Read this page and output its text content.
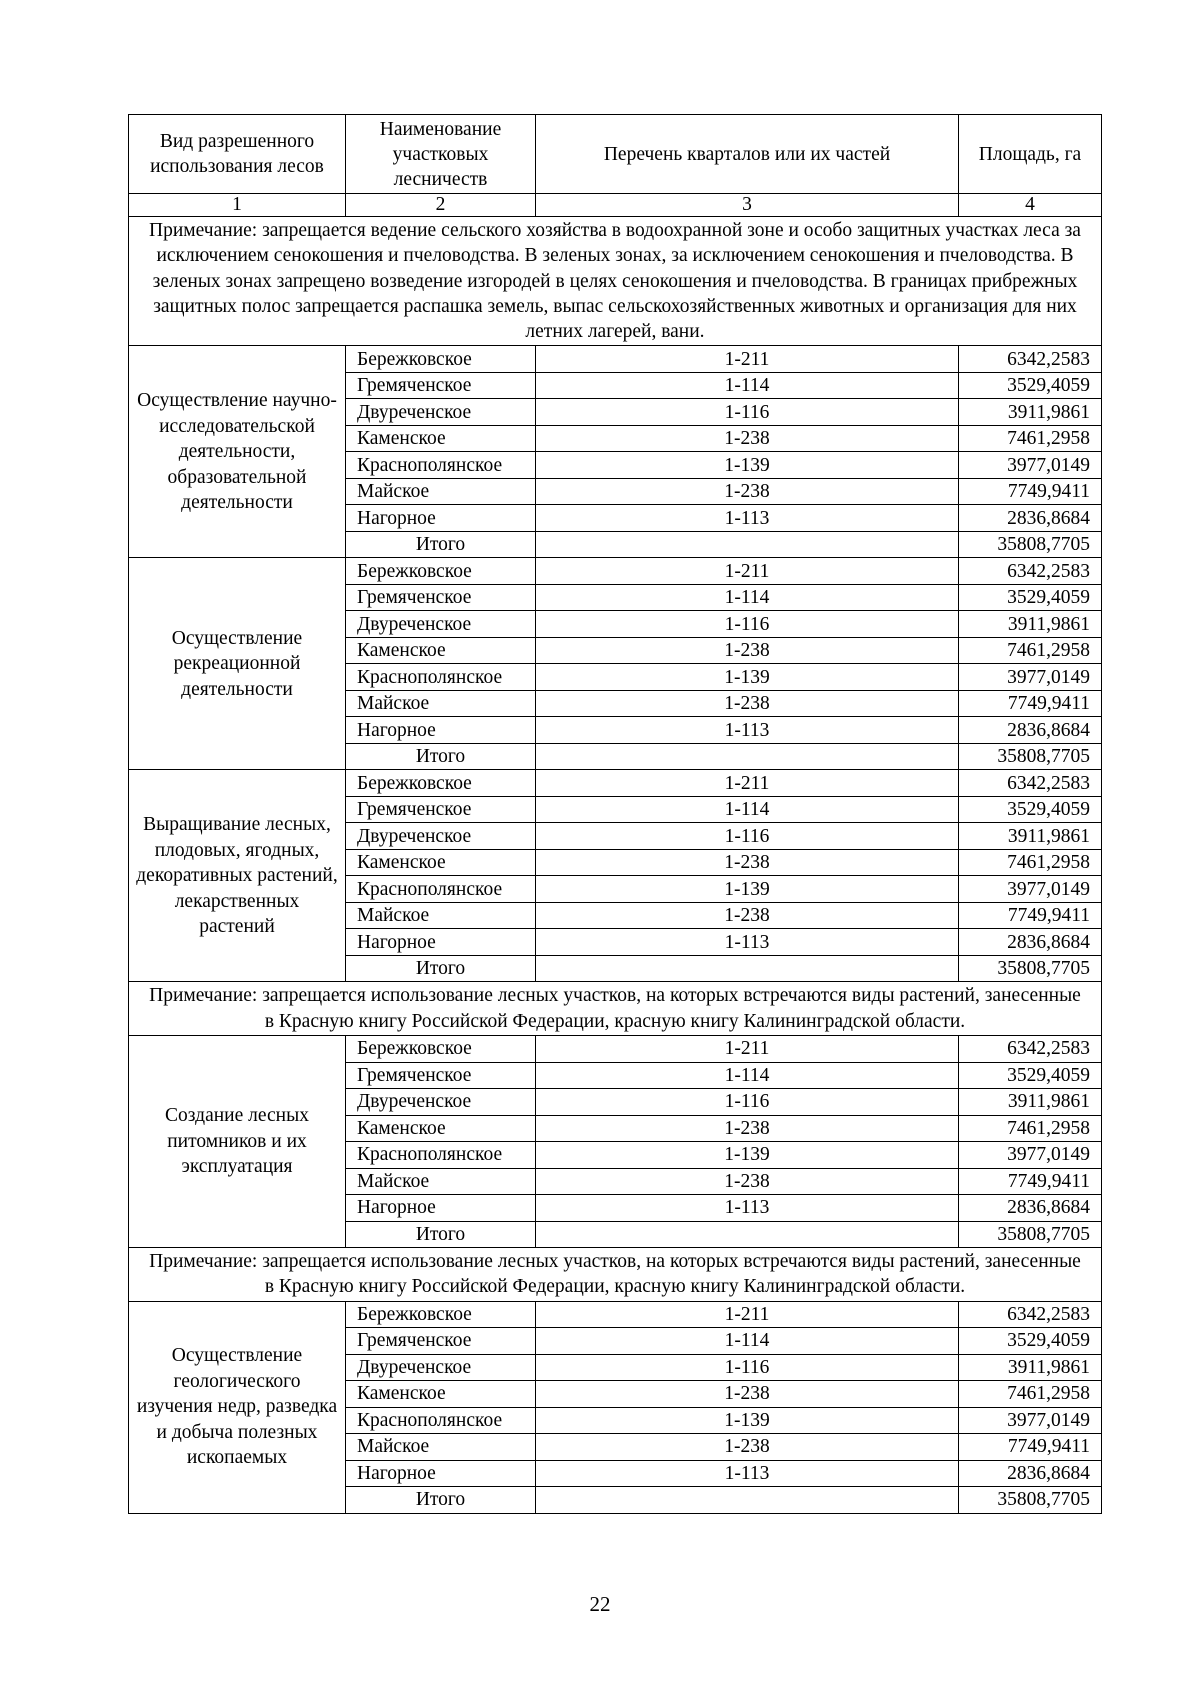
Вид разрешенного использования лесов	Наименование участковых лесничеств	Перечень кварталов или их частей	Площадь, га
1	2	3	4
Примечание: запрещается ведение сельского хозяйства в водоохранной зоне и особо защитных участках леса за исключением сенокошения и пчеловодства. В зеленых зонах, за исключением сенокошения и пчеловодства. В зеленых зонах запрещено возведение изгородей в целях сенокошения и пчеловодства. В границах прибрежных защитных полос запрещается распашка земель, выпас сельскохозяйственных животных и организация для них летних лагерей, вани.			
Осуществление научно-исследовательской деятельности, образовательной деятельности	Бережковское	1-211	6342,2583
	Гремяченское	1-114	3529,4059
	Двуреченское	1-116	3911,9861
	Каменское	1-238	7461,2958
	Краснополянское	1-139	3977,0149
	Майское	1-238	7749,9411
	Нагорное	1-113	2836,8684
	Итого		35808,7705
Осуществление рекреационной деятельности	Бережковское	1-211	6342,2583
	Гремяченское	1-114	3529,4059
	Двуреченское	1-116	3911,9861
	Каменское	1-238	7461,2958
	Краснополянское	1-139	3977,0149
	Майское	1-238	7749,9411
	Нагорное	1-113	2836,8684
	Итого		35808,7705
Выращивание лесных, плодовых, ягодных, декоративных растений, лекарственных растений	Бережковское	1-211	6342,2583
	Гремяченское	1-114	3529,4059
	Двуреченское	1-116	3911,9861
	Каменское	1-238	7461,2958
	Краснополянское	1-139	3977,0149
	Майское	1-238	7749,9411
	Нагорное	1-113	2836,8684
	Итого		35808,7705
Примечание: запрещается использование лесных участков, на которых встречаются виды растений, занесенные в Красную книгу Российской Федерации, красную книгу Калининградской области.			
Создание лесных питомников и их эксплуатация	Бережковское	1-211	6342,2583
	Гремяченское	1-114	3529,4059
	Двуреченское	1-116	3911,9861
	Каменское	1-238	7461,2958
	Краснополянское	1-139	3977,0149
	Майское	1-238	7749,9411
	Нагорное	1-113	2836,8684
	Итого		35808,7705
Примечание: запрещается использование лесных участков, на которых встречаются виды растений, занесенные в Красную книгу Российской Федерации, красную книгу Калининградской области.			
Осуществление геологического изучения недр, разведка и добыча полезных ископаемых	Бережковское	1-211	6342,2583
	Гремяченское	1-114	3529,4059
	Двуреченское	1-116	3911,9861
	Каменское	1-238	7461,2958
	Краснополянское	1-139	3977,0149
	Майское	1-238	7749,9411
	Нагорное	1-113	2836,8684
	Итого		35808,7705
22
